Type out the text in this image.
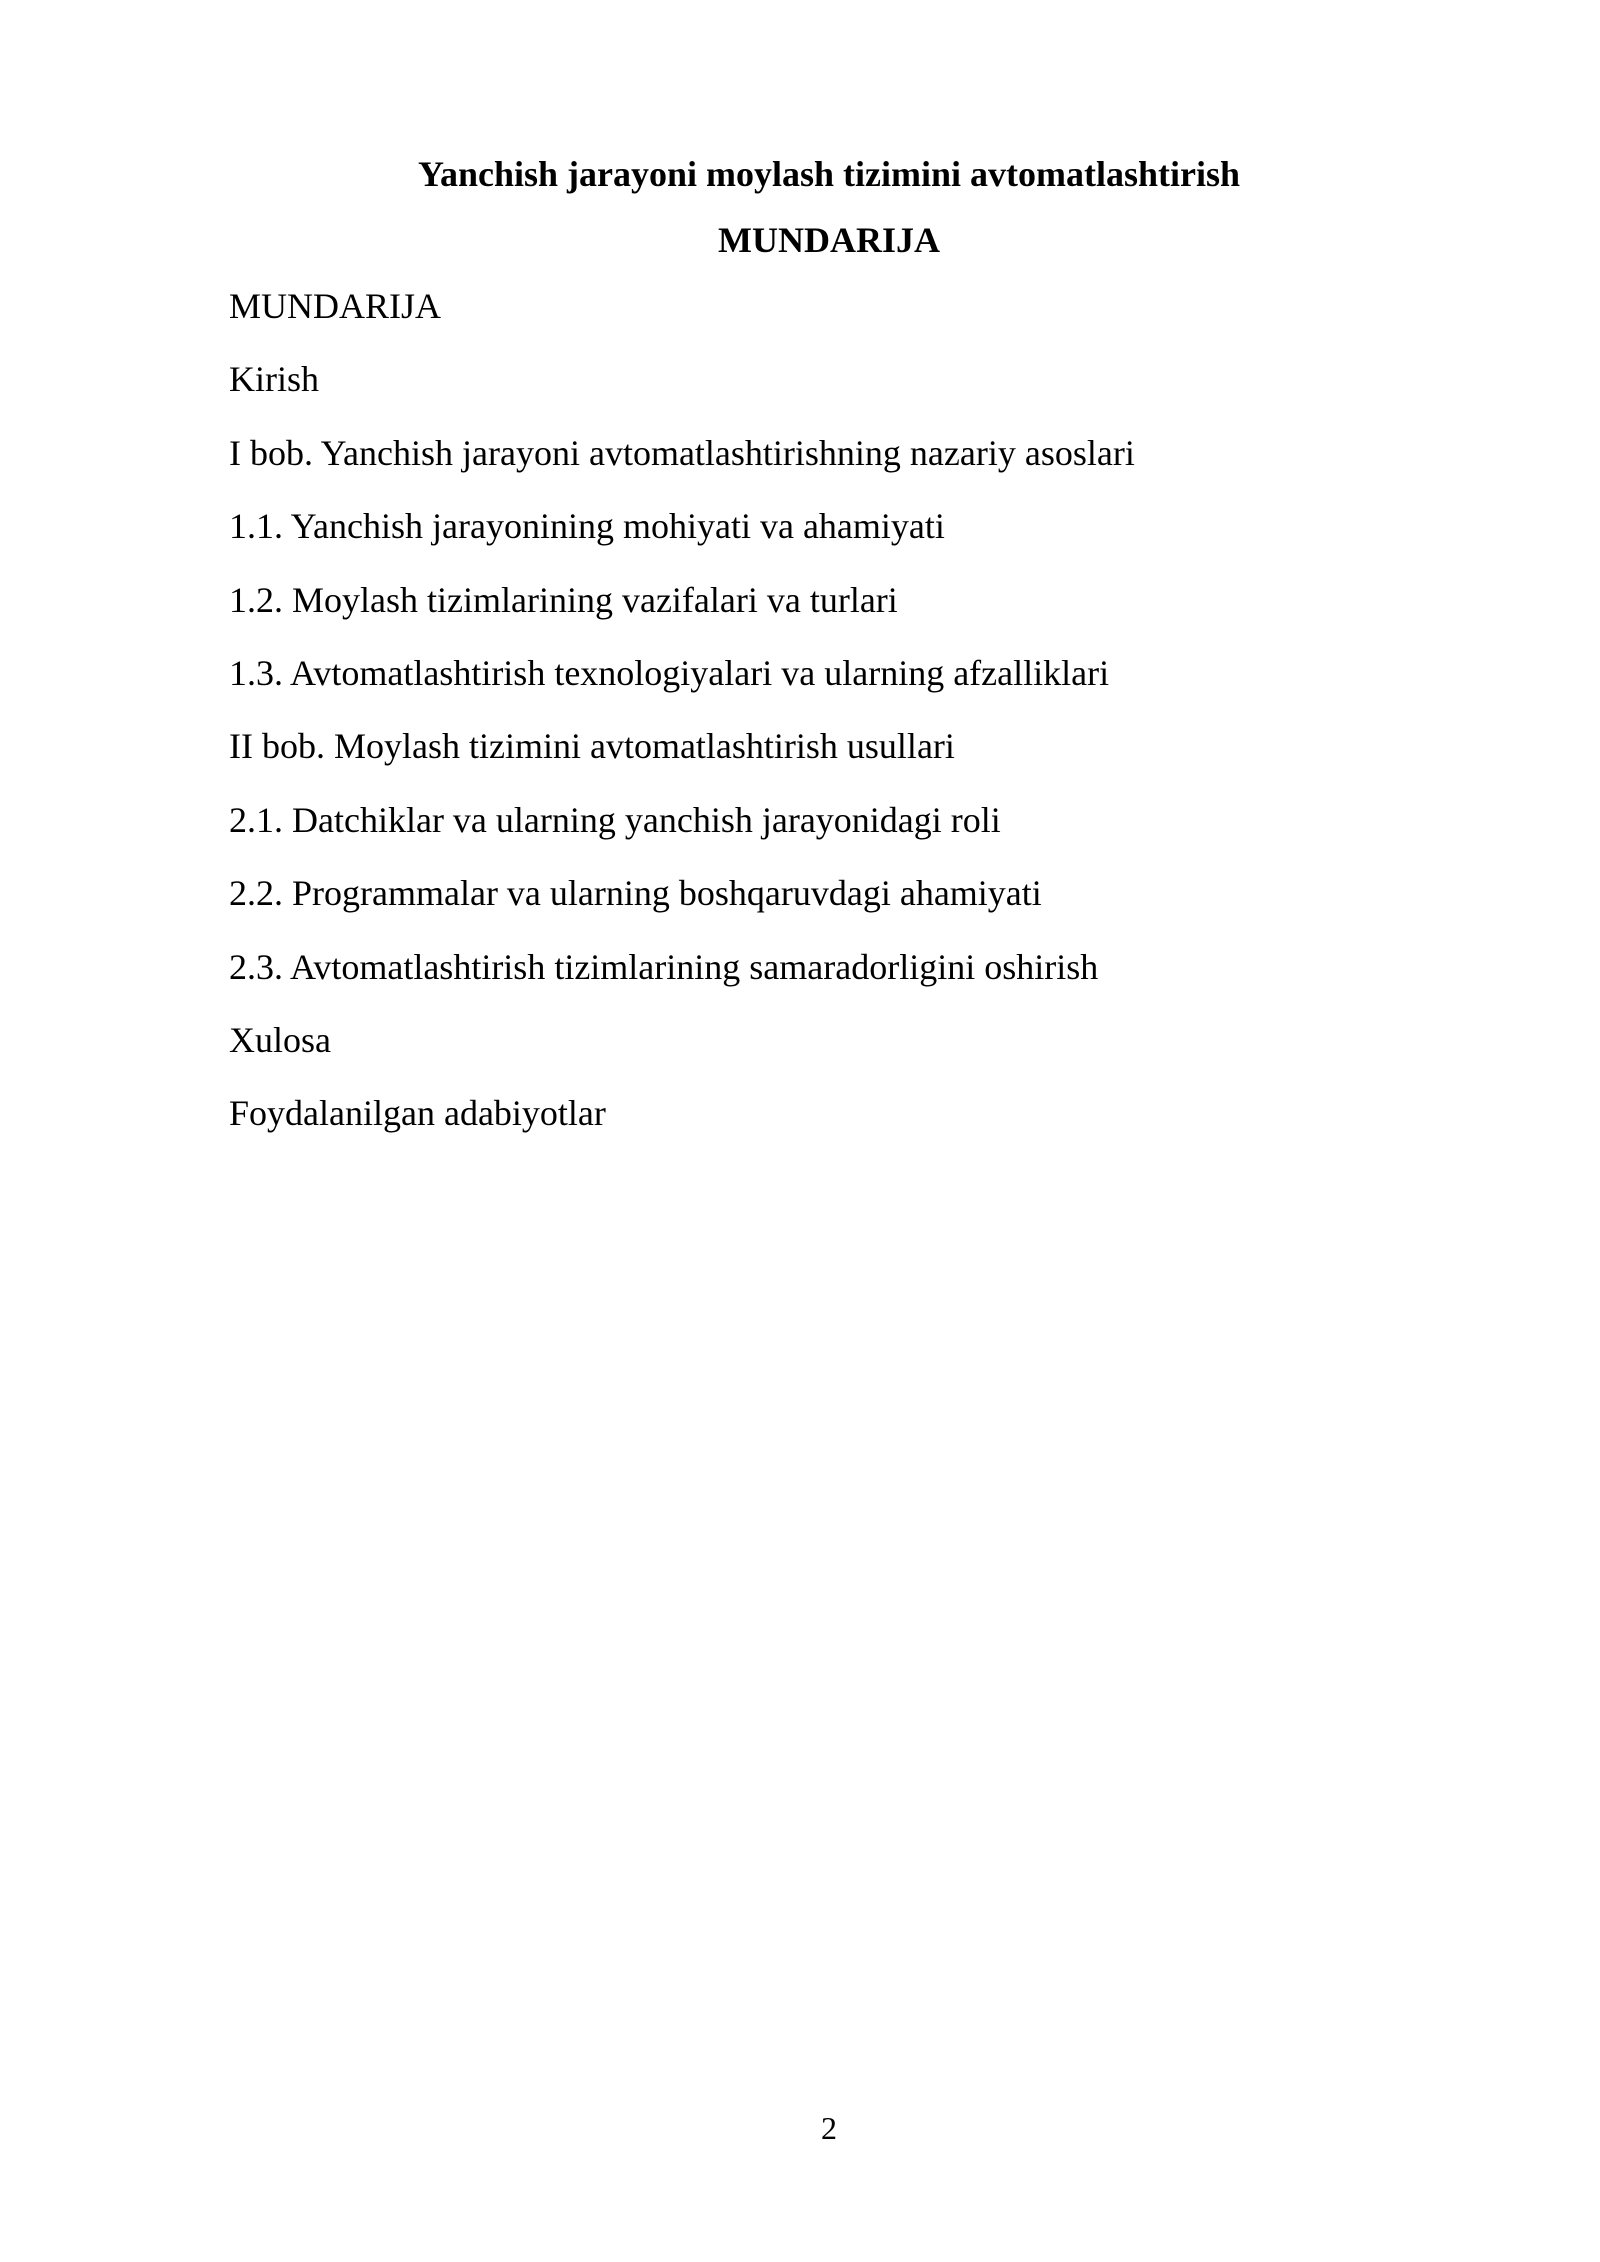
Yanchish jarayoni moylash tizimini avtomatlashtirish
MUNDARIJA
MUNDARIJA
Kirish
I bob. Yanchish jarayoni avtomatlashtirishning nazariy asoslari
1.1. Yanchish jarayonining mohiyati va ahamiyati
1.2. Moylash tizimlarining vazifalari va turlari
1.3. Avtomatlashtirish texnologiyalari va ularning afzalliklari
II bob. Moylash tizimini avtomatlashtirish usullari
2.1. Datchiklar va ularning yanchish jarayonidagi roli
2.2. Programmalar va ularning boshqaruvdagi ahamiyati
2.3. Avtomatlashtirish tizimlarining samaradorligini oshirish
Xulosa
Foydalanilgan adabiyotlar
2
